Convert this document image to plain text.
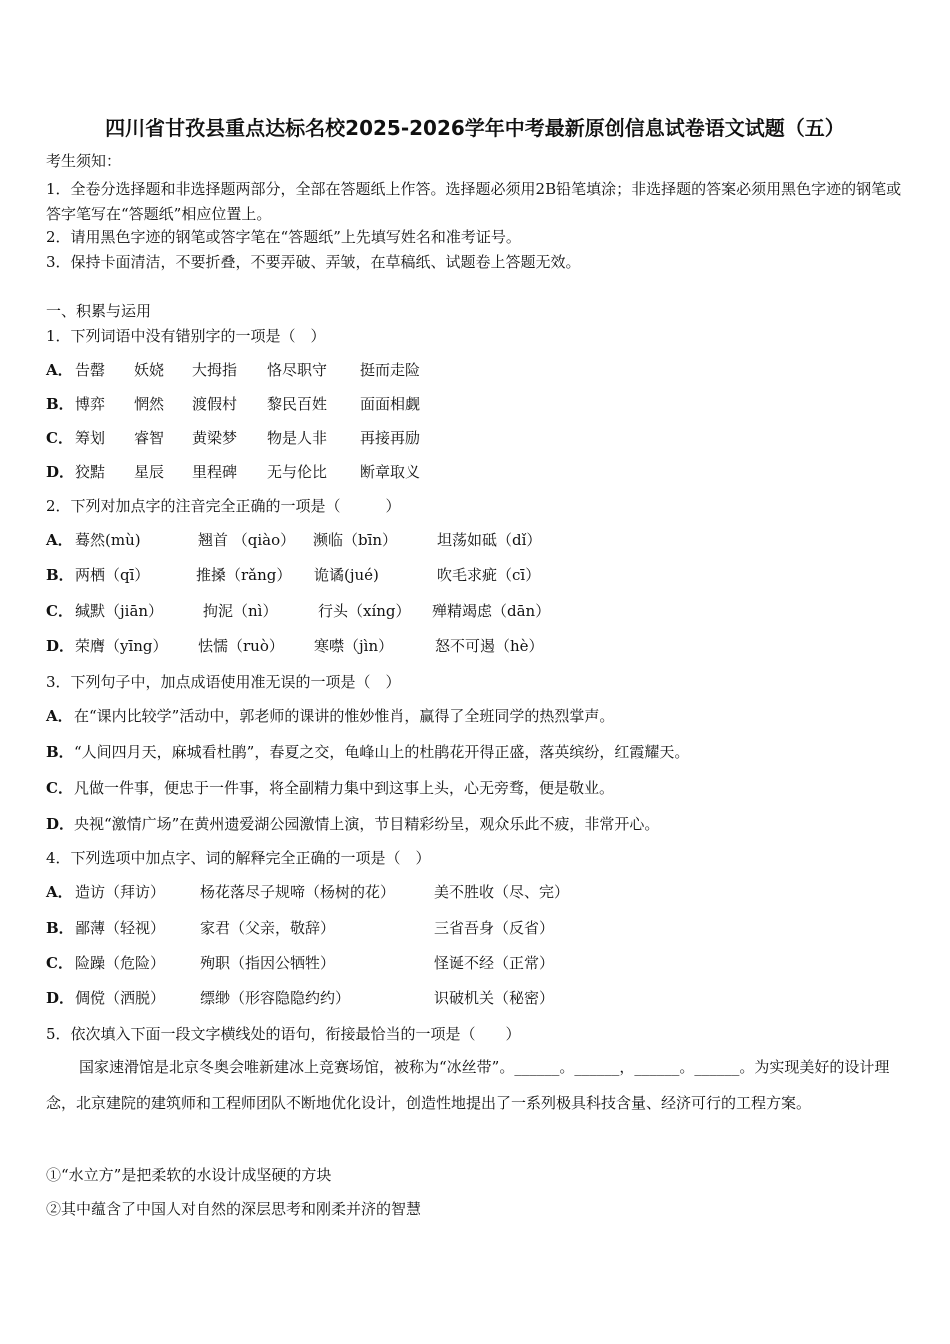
四川省甘孜县重点达标名校2025-2026学年中考最新原创信息试卷语文试题（五）
考生须知：
1．全卷分选择题和非选择题两部分，全部在答题纸上作答。选择题必须用2B铅笔填涂；非选择题的答案必须用黑色字迹的钢笔或答字笔写在“答题纸”相应位置上。
2．请用黑色字迹的钢笔或答字笔在“答题纸”上先填写姓名和准考证号。
3．保持卡面清洁，不要折叠，不要弄破、弄皱，在草稿纸、试题卷上答题无效。
一、积累与运用
1．下列词语中没有错别字的一项是（　）
A． 告罄 妖娆 大拇指 恪尽职守 挺而走险
B． 博弈 惘然 渡假村 黎民百姓 面面相觑
C． 筹划 睿智 黄梁梦 物是人非 再接再励
D． 狡黠 星辰 里程碑 无与伦比 断章取义
2．下列对加点字的注音完全正确的一项是（　　　）
A． 蓦然(mù)	翘首 （qiào） 濒临（bīn）	坦荡如砥（dǐ）
B． 两栖（qī）	推搡（rǎng） 诡谲(jué)	吹毛求疵（cī）
C． 缄默（jiān）	拘泥（nì）	行头（xíng） 殚精竭虑（dān）
D． 荣膺（yīng） 怯懦（ruò） 寒噤（jìn）	怒不可遏（hè）
3．下列句子中，加点成语使用准无误的一项是（　）
A．在“课内比较学”活动中，郭老师的课讲的惟妙惟肖，赢得了全班同学的热烈掌声。
B．“人间四月天，麻城看杜鹃”，春夏之交，龟峰山上的杜鹃花开得正盛，落英缤纷，红霞耀天。
C．凡做一件事，便忠于一件事，将全副精力集中到这事上头，心无旁骛，便是敬业。
D．央视“激情广场”在黄州遗爱湖公园激情上演，节目精彩纷呈，观众乐此不疲，非常开心。
4．下列选项中加点字、词的解释完全正确的一项是（　）
A． 造访（拜访） 杨花落尽子规啼（杨树的花）	美不胜收（尽、完）
B． 鄙薄（轻视） 家君（父亲，敬辞）	三省吾身（反省）
C． 险躁（危险） 殉职（指因公牺牲）	怪诞不经（正常）
D． 倜傥（洒脱） 缥缈（形容隐隐约约）	识破机关（秘密）
5．依次填入下面一段文字横线处的语句，衔接最恰当的一项是（　　）
国家速滑馆是北京冬奥会唯新建冰上竞赛场馆，被称为“冰丝带”。______。______，______。______。为实现美好的设计理念，北京建院的建筑师和工程师团队不断地优化设计，创造性地提出了一系列极具科技含量、经济可行的工程方案。
①“水立方”是把柔软的水设计成坚硬的方块
②其中蕴含了中国人对自然的深层思考和刚柔并济的智慧
